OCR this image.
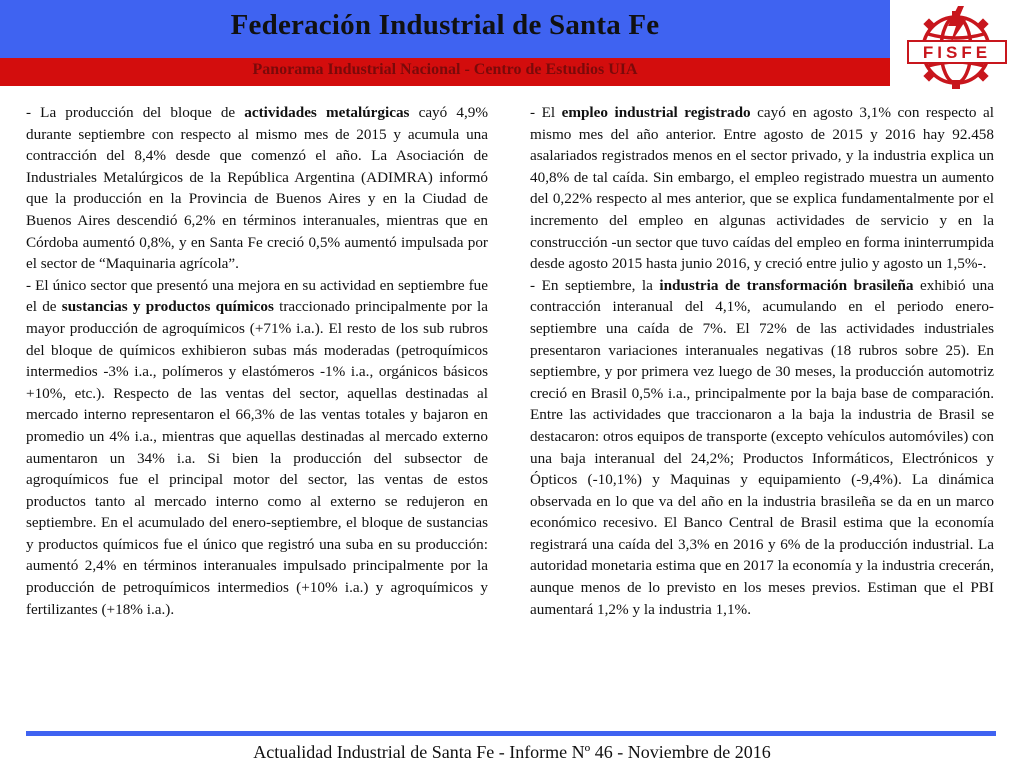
Federación Industrial de Santa Fe
Panorama Industrial Nacional - Centro de Estudios UIA
FISFE

- La producción del bloque de actividades metalúrgicas cayó 4,9% durante septiembre con respecto al mismo mes de 2015 y acumula una contracción del 8,4% desde que comenzó el año. La Asociación de Industriales Metalúrgicos de la República Argentina (ADIMRA) informó que la producción en la Provincia de Buenos Aires y en la Ciudad de Buenos Aires descendió 6,2% en términos interanuales, mientras que en Córdoba aumentó 0,8%, y en Santa Fe creció 0,5% aumentó impulsada por el sector de “Maquinaria agrícola”.

- El único sector que presentó una mejora en su actividad en septiembre fue el de sustancias y productos químicos traccionado principalmente por la mayor producción de agroquímicos (+71% i.a.). El resto de los sub rubros del bloque de químicos exhibieron subas más moderadas (petroquímicos intermedios -3% i.a., polímeros y elastómeros -1% i.a., orgánicos básicos +10%, etc.). Respecto de las ventas del sector, aquellas destinadas al mercado interno representaron el 66,3% de las ventas totales y bajaron en promedio un 4% i.a., mientras que aquellas destinadas al mercado externo aumentaron un 34% i.a. Si bien la producción del subsector de agroquímicos fue el principal motor del sector, las ventas de estos productos tanto al mercado interno como al externo se redujeron en septiembre. En el acumulado del enero-septiembre, el bloque de sustancias y productos químicos fue el único que registró una suba en su producción: aumentó 2,4% en términos interanuales impulsado principalmente por la producción de petroquímicos intermedios (+10% i.a.) y agroquímicos y fertilizantes (+18% i.a.).

- El empleo industrial registrado cayó en agosto 3,1% con respecto al mismo mes del año anterior. Entre agosto de 2015 y 2016 hay 92.458 asalariados registrados menos en el sector privado, y la industria explica un 40,8% de tal caída. Sin embargo, el empleo registrado muestra un aumento del 0,22% respecto al mes anterior, que se explica fundamentalmente por el incremento del empleo en algunas actividades de servicio y en la construcción -un sector que tuvo caídas del empleo en forma ininterrumpida desde agosto 2015 hasta junio 2016, y creció entre julio y agosto un 1,5%-.

- En septiembre, la industria de transformación brasileña exhibió una contracción interanual del 4,1%, acumulando en el periodo enero-septiembre una caída de 7%. El 72% de las actividades industriales presentaron variaciones interanuales negativas (18 rubros sobre 25). En septiembre, y por primera vez luego de 30 meses, la producción automotriz creció en Brasil 0,5% i.a., principalmente por la baja base de comparación. Entre las actividades que traccionaron a la baja la industria de Brasil se destacaron: otros equipos de transporte (excepto vehículos automóviles) con una baja interanual del 24,2%; Productos Informáticos, Electrónicos y Ópticos (-10,1%) y Maquinas y equipamiento (-9,4%). La dinámica observada en lo que va del año en la industria brasileña se da en un marco económico recesivo. El Banco Central de Brasil estima que la economía registrará una caída del 3,3% en 2016 y 6% de la producción industrial. La autoridad monetaria estima que en 2017 la economía y la industria crecerán, aunque menos de lo previsto en los meses previos. Estiman que el PBI aumentará 1,2% y la industria 1,1%.

Actualidad Industrial de Santa Fe - Informe Nº 46 - Noviembre de 2016
